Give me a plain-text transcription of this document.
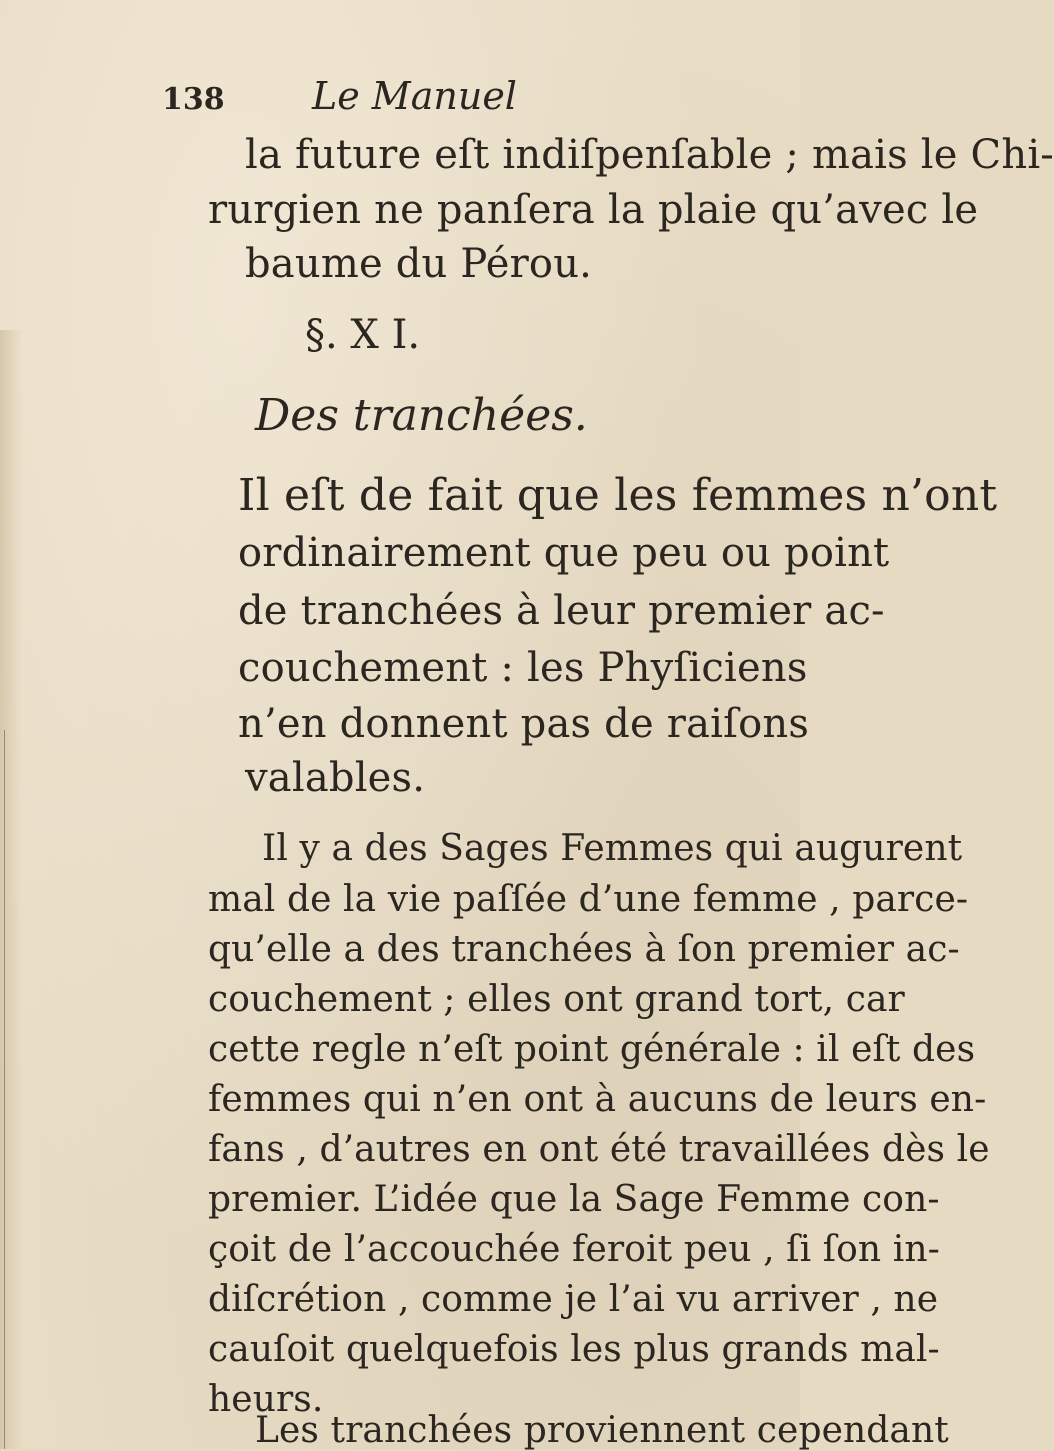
138 Le Manuel

la future eſt indiſpenſable ; mais le Chi-

rurgien ne panſera la plaie qu’avec le

baume du Pérou.

§. X I.

Des tranchées.

Il eſt de fait que les femmes n’ont

ordinairement que peu ou point

de tranchées à leur premier ac-

couchement : les Phyſiciens

n’en donnent pas de raiſons

valables.

Il y a des Sages Femmes qui augurent

mal de la vie paſſée d’une femme , parce-

qu’elle a des tranchées à ſon premier ac-

couchement ; elles ont grand tort, car

cette regle n’eſt point générale : il eſt des

femmes qui n’en ont à aucuns de leurs en-

fans , d’autres en ont été travaillées dès le

premier. L’idée que la Sage Femme con-

çoit de l’accouchée feroit peu , ſi ſon in-

diſcrétion , comme je l’ai vu arriver , ne

cauſoit quelquefois les plus grands mal-

heurs.

Les tranchées proviennent cependant
